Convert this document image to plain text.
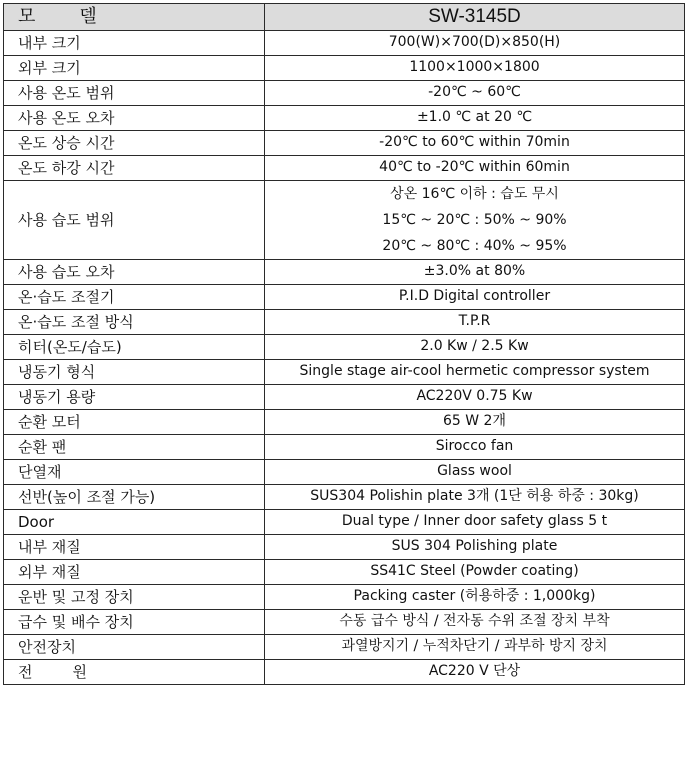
모 델	SW-3145D
내부 크기	700(W)×700(D)×850(H)
외부 크기	1100×1000×1800
사용 온도 범위	-20℃ ~ 60℃
사용 온도 오차	±1.0 ℃ at 20 ℃
온도 상승 시간	-20℃ to 60℃ within 70min
온도 하강 시간	40℃ to -20℃ within 60min
사용 습도 범위	상온 16℃ 이하 : 습도 무시
15℃ ~ 20℃ : 50% ~ 90%
20℃ ~ 80℃ : 40% ~ 95%

사용 습도 오차	±3.0% at 80%
온·습도 조절기	P.I.D Digital controller
온·습도 조절 방식	T.P.R
히터(온도/습도)	2.0 Kw / 2.5 Kw
냉동기 형식	Single stage air-cool hermetic compressor system
냉동기 용량	AC220V 0.75 Kw
순환 모터	65 W 2개
순환 팬	Sirocco fan
단열재	Glass wool
선반(높이 조절 가능)	SUS304 Polishin plate 3개 (1단 허용 하중 : 30kg)
Door	Dual type / Inner door safety glass 5 t
내부 재질	SUS 304 Polishing plate
외부 재질	SS41C Steel (Powder coating)
운반 및 고정 장치	Packing caster (허용하중 : 1,000kg)
급수 및 배수 장치	수동 급수 방식 / 전자동 수위 조절 장치 부착
안전장치	과열방지기 / 누적차단기 / 과부하 방지 장치
전 원	AC220 V 단상
